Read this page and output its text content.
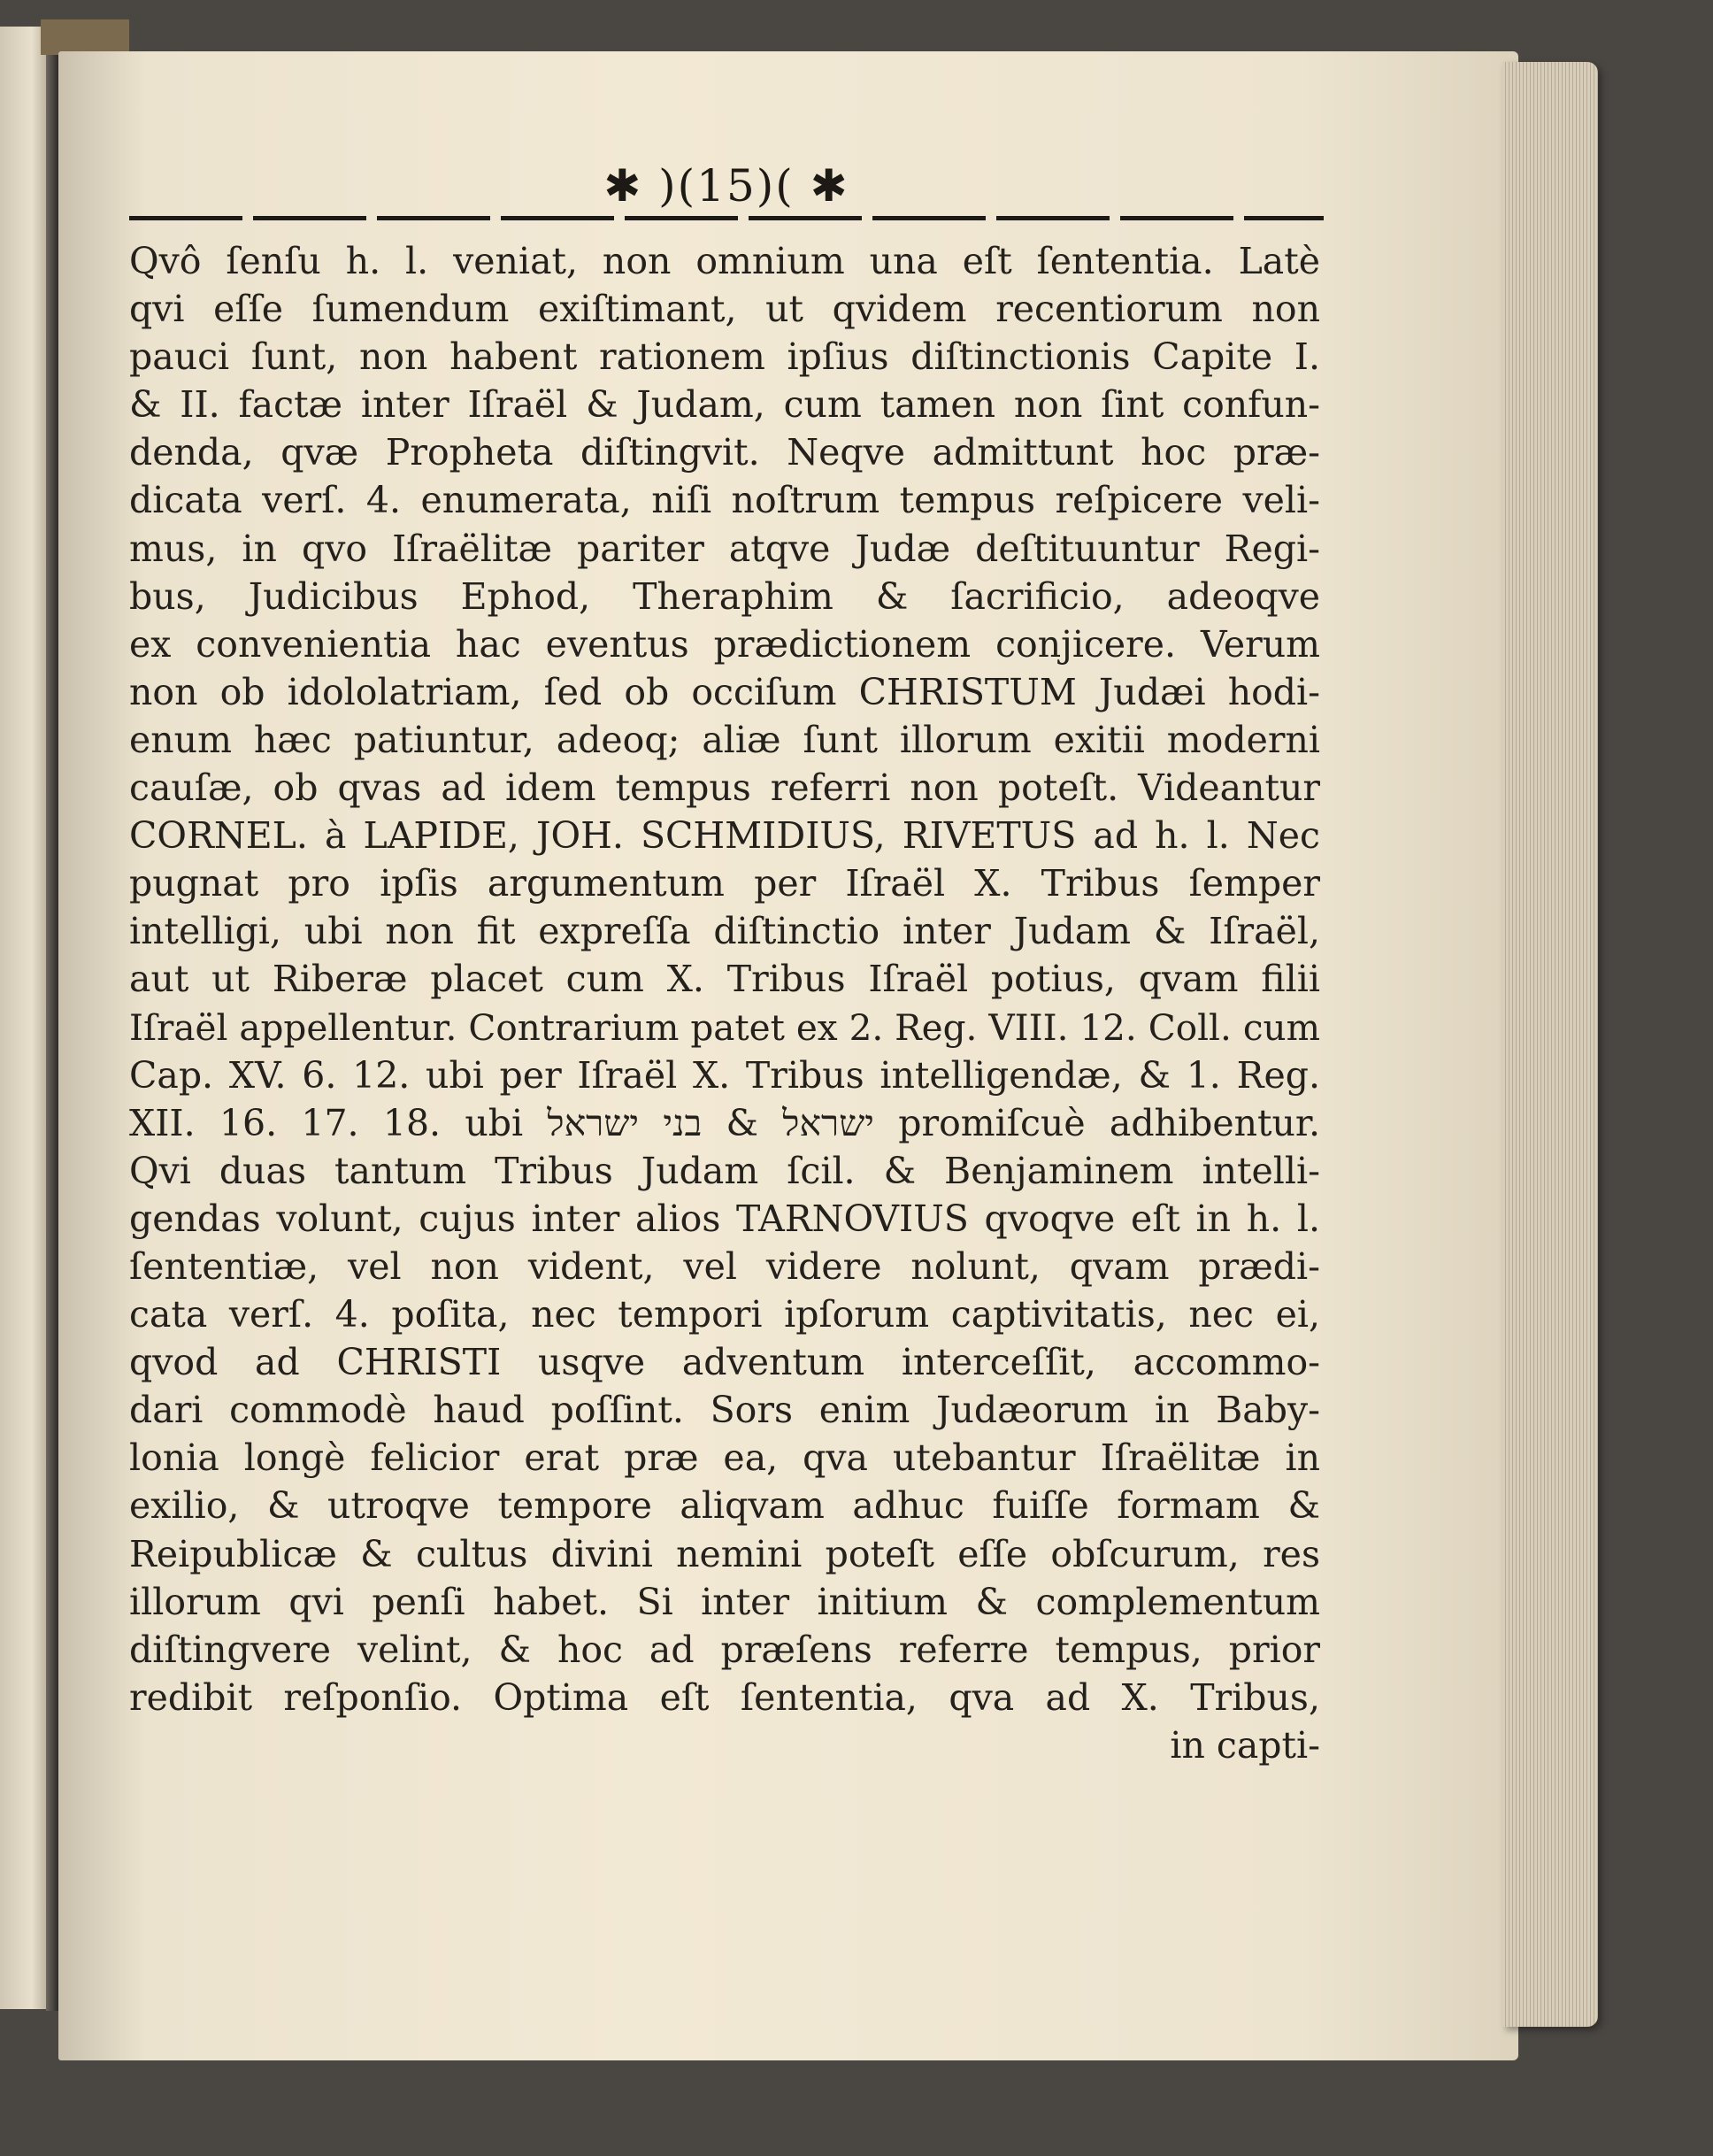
✱ )(15)( ✱
Qvô ſenſu h. l. veniat, non omnium una eſt ſententia. Latè
qvi eſſe ſumendum exiſtimant, ut qvidem recentiorum non
pauci ſunt, non habent rationem ipſius diſtinctionis Capite I.
& II. factæ inter Iſraël & Judam, cum tamen non ſint confun-
denda, qvæ Propheta diſtingvit. Neqve admittunt hoc præ-
dicata verſ. 4. enumerata, niſi noſtrum tempus reſpicere veli-
mus, in qvo Iſraëlitæ pariter atqve Judæ deſtituuntur Regi-
bus, Judicibus Ephod, Theraphim & ſacrificio, adeoqve
ex convenientia hac eventus prædictionem conjicere. Verum
non ob idololatriam, ſed ob occiſum CHRISTUM Judæi hodi-
enum hæc patiuntur, adeoq; aliæ ſunt illorum exitii moderni
cauſæ, ob qvas ad idem tempus referri non poteſt. Videantur
CORNEL. à LAPIDE, JOH. SCHMIDIUS, RIVETUS ad h. l. Nec
pugnat pro ipſis argumentum per Iſraël X. Tribus ſemper
intelligi, ubi non fit expreſſa diſtinctio inter Judam & Iſraël,
aut ut Riberæ placet cum X. Tribus Iſraël potius, qvam filii
Iſraël appellentur. Contrarium patet ex 2. Reg. VIII. 12. Coll. cum
Cap. XV. 6. 12. ubi per Iſraël X. Tribus intelligendæ, & 1. Reg.
XII. 16. 17. 18. ubi ישראל & בני ישראל promiſcuè adhibentur.
Qvi duas tantum Tribus Judam ſcil. & Benjaminem intelli-
gendas volunt, cujus inter alios TARNOVIUS qvoqve eſt in h. l.
ſententiæ, vel non vident, vel videre nolunt, qvam prædi-
cata verſ. 4. poſita, nec tempori ipſorum captivitatis, nec ei,
qvod ad CHRISTI usqve adventum interceſſit, accommo-
dari commodè haud poſſint. Sors enim Judæorum in Baby-
lonia longè felicior erat præ ea, qva utebantur Iſraëlitæ in
exilio, & utroqve tempore aliqvam adhuc fuiſſe formam &
Reipublicæ & cultus divini nemini poteſt eſſe obſcurum, res
illorum qvi penſi habet. Si inter initium & complementum
diſtingvere velint, & hoc ad præſens referre tempus, prior
redibit reſponſio. Optima eſt ſententia, qva ad X. Tribus,
in capti-
